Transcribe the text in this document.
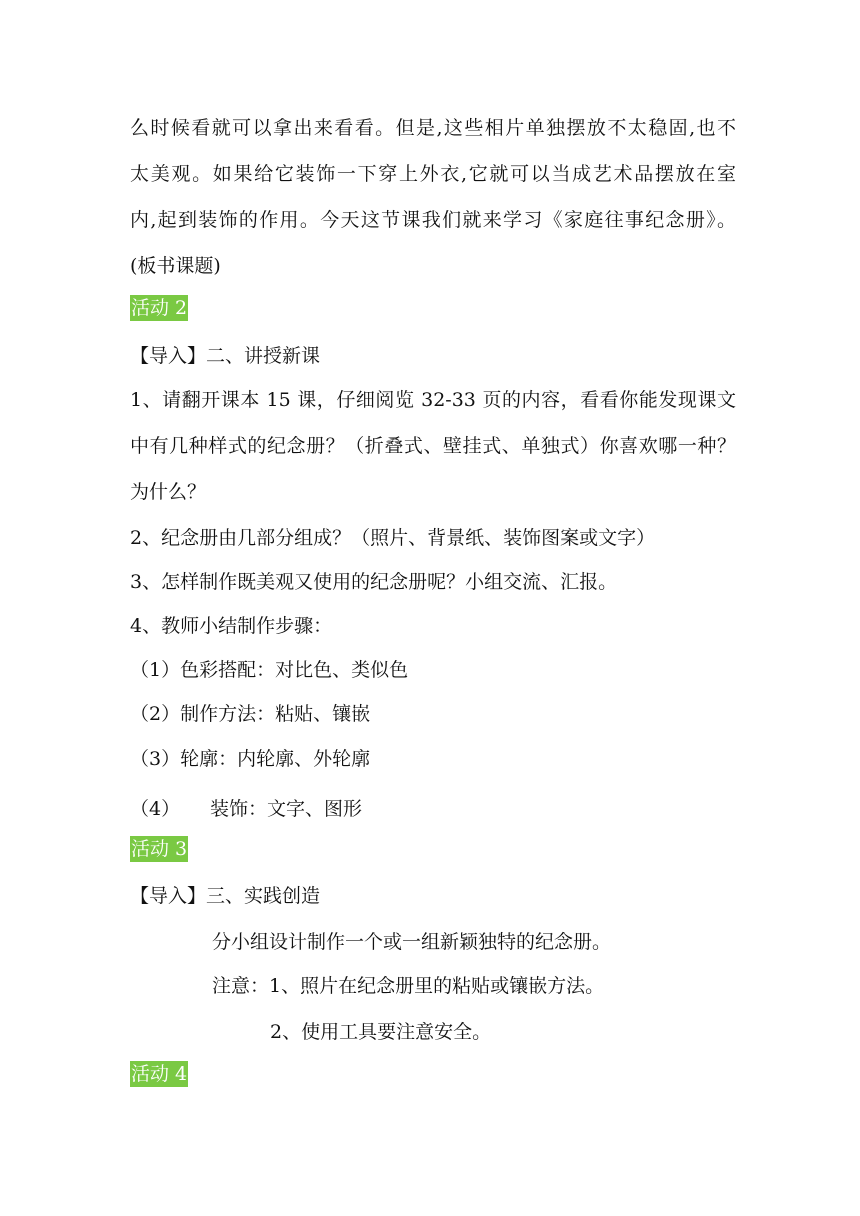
么时候看就可以拿出来看看。但是,这些相片单独摆放不太稳固,也不
太美观。如果给它装饰一下穿上外衣,它就可以当成艺术品摆放在室
内,起到装饰的作用。今天这节课我们就来学习《家庭往事纪念册》。
(板书课题)
活动 2
【导入】二、讲授新课
1、请翻开课本 15 课，仔细阅览 32-33 页的内容，看看你能发现课文
中有几种样式的纪念册？（折叠式、壁挂式、单独式）你喜欢哪一种？
为什么？
2、纪念册由几部分组成？（照片、背景纸、装饰图案或文字）
3、怎样制作既美观又使用的纪念册呢？小组交流、汇报。
4、教师小结制作步骤：
（1）色彩搭配：对比色、类似色
（2）制作方法：粘贴、镶嵌
（3）轮廓：内轮廓、外轮廓
（4） 装饰：文字、图形
活动 3
【导入】三、实践创造
分小组设计制作一个或一组新颖独特的纪念册。
注意：1、照片在纪念册里的粘贴或镶嵌方法。
2、使用工具要注意安全。
活动 4
